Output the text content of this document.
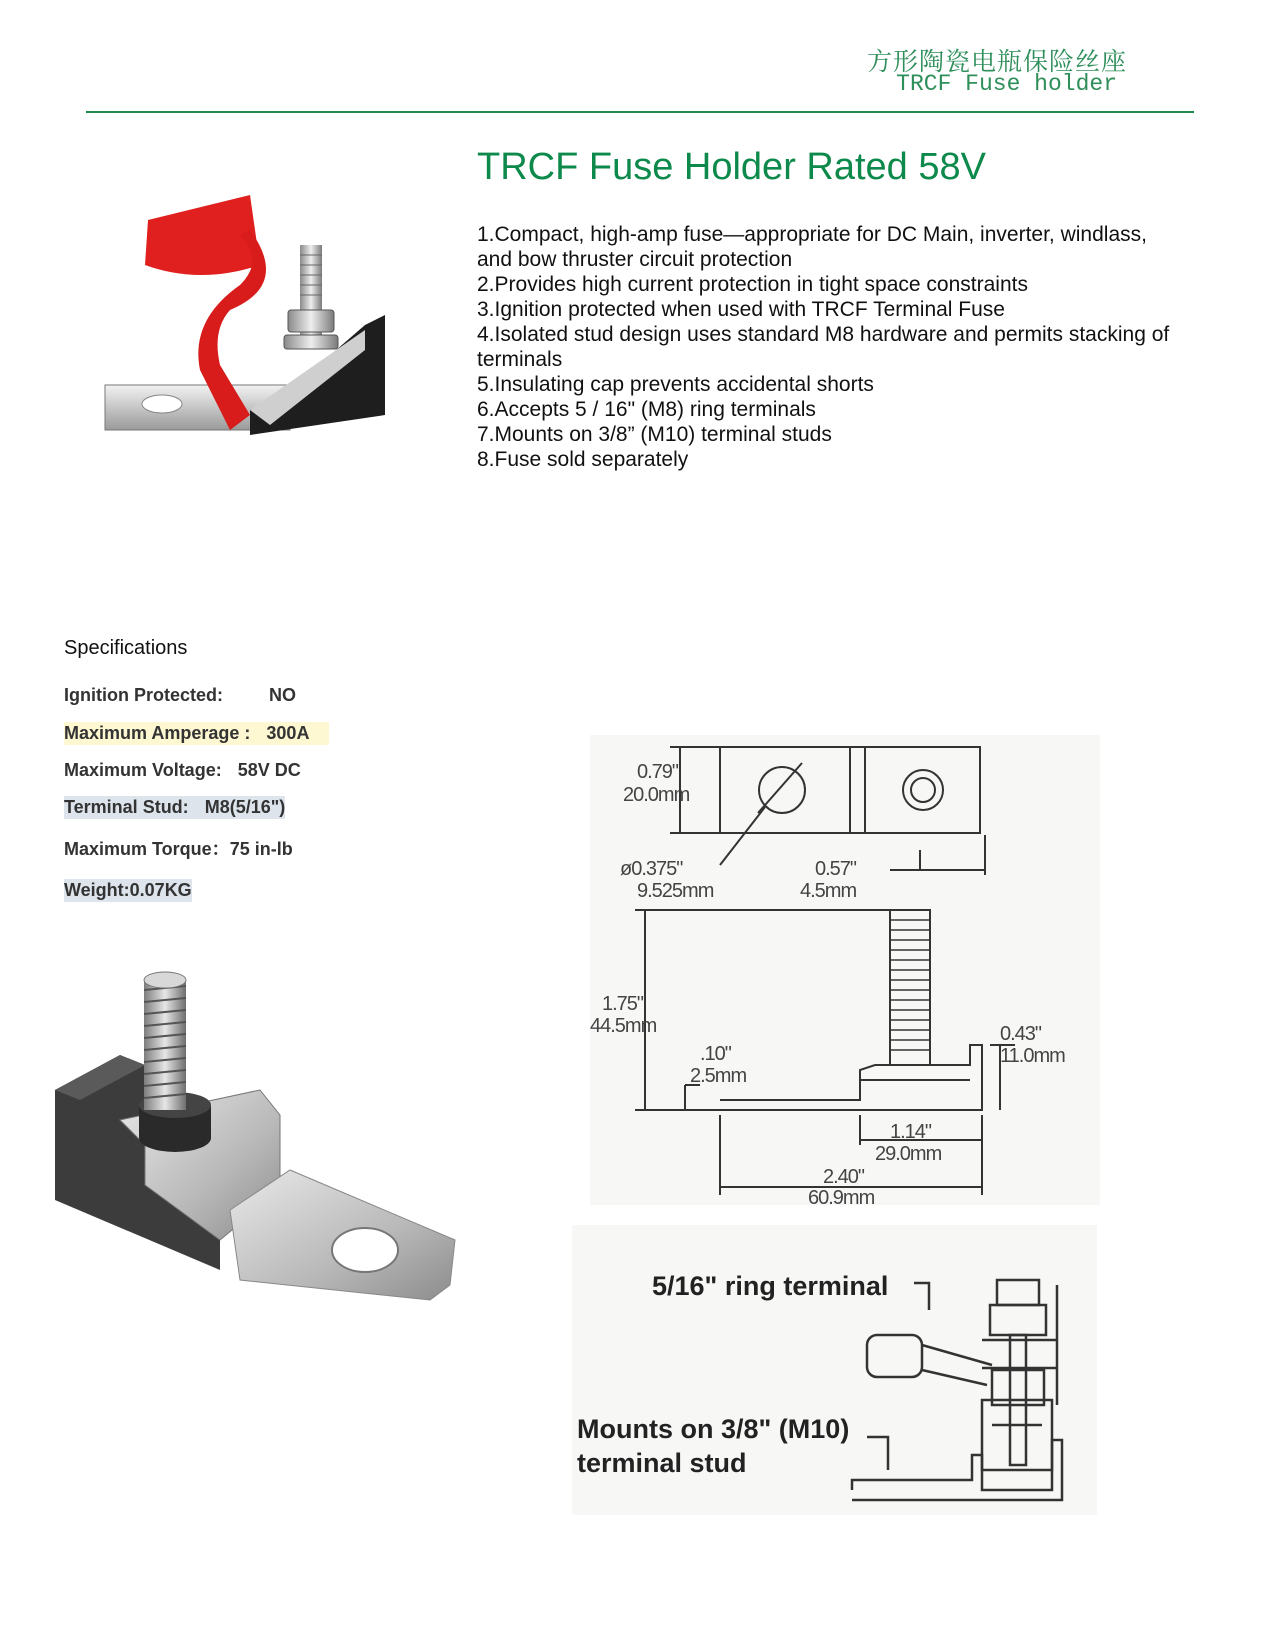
方形陶瓷电瓶保险丝座
TRCF Fuse holder
TRCF Fuse Holder Rated 58V
1.Compact, high-amp fuse—appropriate for DC Main, inverter, windlass,
and bow thruster circuit protection
2.Provides high current protection in tight space constraints
3.Ignition protected when used with TRCF Terminal Fuse
4.Isolated stud design uses standard M8 hardware and permits stacking of
terminals
5.Insulating cap prevents accidental shorts
6.Accepts 5 / 16" (M8) ring terminals
7.Mounts on 3/8” (M10) terminal studs
8.Fuse sold separately
Specifications
Ignition Protected:	NO
Maximum Amperage : 300A
Maximum Voltage: 58V DC
Terminal Stud: M8(5/16")
Maximum Torque：75 in-lb
Weight:0.07KG
0.79"
20.0mm
ø0.375"
9.525mm
0.57"
4.5mm
1.75"
44.5mm
.10"
2.5mm
0.43"
11.0mm
1.14"
29.0mm
2.40"
60.9mm
5/16" ring terminal
Mounts on 3/8" (M10)
terminal stud
